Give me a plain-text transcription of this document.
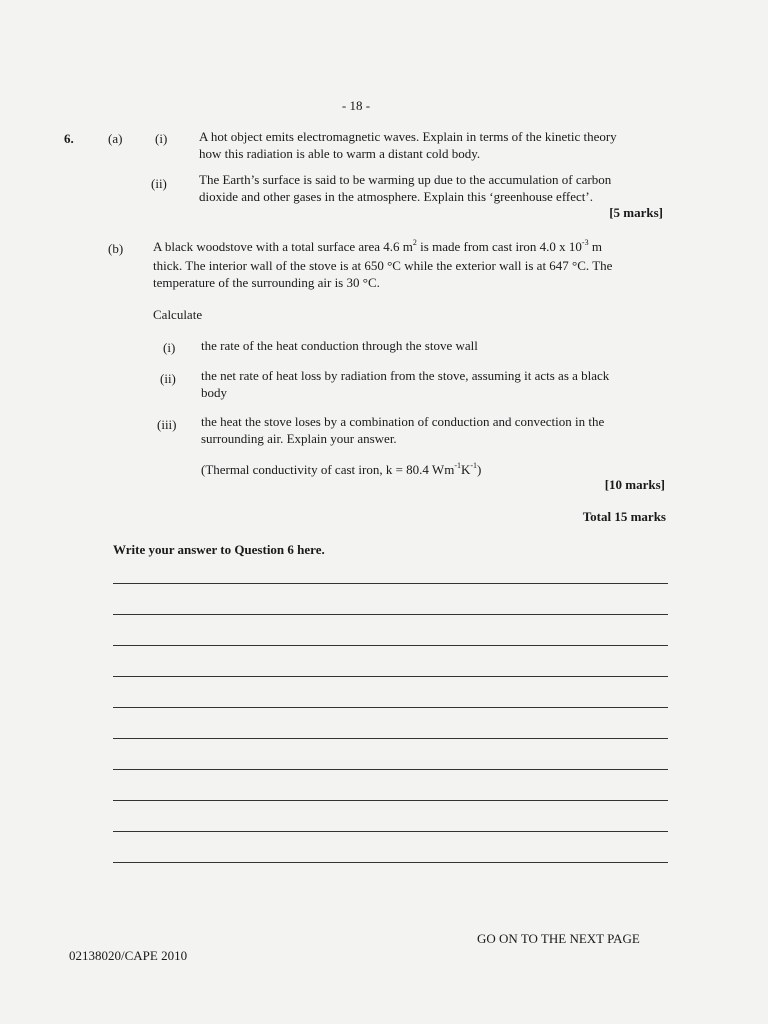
- 18 -
6.	(a)	(i) A hot object emits electromagnetic waves. Explain in terms of the kinetic theory
how this radiation is able to warm a distant cold body.
(ii) The Earth’s surface is said to be warming up due to the accumulation of carbon
dioxide and other gases in the atmosphere. Explain this ‘greenhouse effect’.
[5 marks]
(b) A black woodstove with a total surface area 4.6 $m^2$ is made from cast iron 4.0 x $10^{-3}$ m
thick. The interior wall of the stove is at 650 °C while the exterior wall is at 647 °C. The
temperature of the surrounding air is 30 °C.
Calculate
(i) the rate of the heat conduction through the stove wall
(ii) the net rate of heat loss by radiation from the stove, assuming it acts as a black
body
(iii) the heat the stove loses by a combination of conduction and convection in the
surrounding air. Explain your answer.
(Thermal conductivity of cast iron, k = 80.4 $Wm^{-1}K^{-1}$)
[10 marks]
Total 15 marks
Write your answer to Question 6 here.
GO ON TO THE NEXT PAGE
02138020/CAPE 2010
